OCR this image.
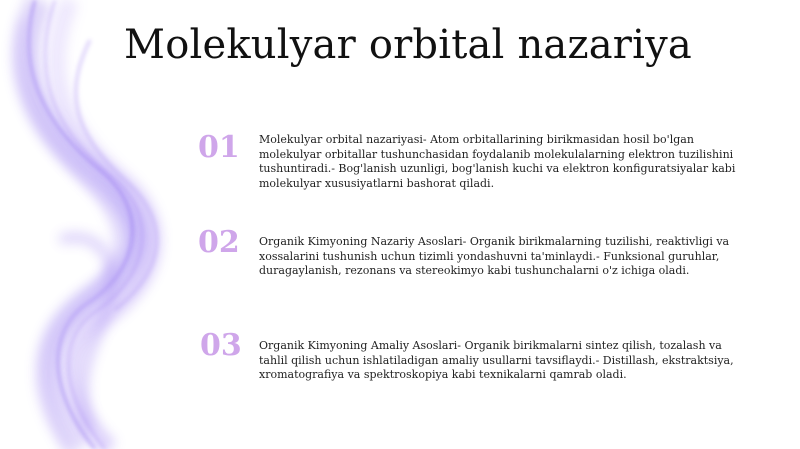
Molekulyar orbital nazariya
01	Molekulyar orbital nazariyasi- Atom orbitallarining birikmasidan hosil bo'lgan molekulyar orbitallar tushunchasidan foydalanib molekulalarning elektron tuzilishini tushuntiradi.- Bog'lanish uzunligi, bog'lanish kuchi va elektron konfiguratsiyalar kabi molekulyar xususiyatlarni bashorat qiladi.
02	Organik Kimyoning Nazariy Asoslari- Organik birikmalarning tuzilishi, reaktivligi va xossalarini tushunish uchun tizimli yondashuvni ta'minlaydi.- Funksional guruhlar, duragaylanish, rezonans va stereokimyo kabi tushunchalarni o'z ichiga oladi.
03	Organik Kimyoning Amaliy Asoslari- Organik birikmalarni sintez qilish, tozalash va tahlil qilish uchun ishlatiladigan amaliy usullarni tavsiflaydi.- Distillash, ekstraktsiya, xromatografiya va spektroskopiya kabi texnikalarni qamrab oladi.
